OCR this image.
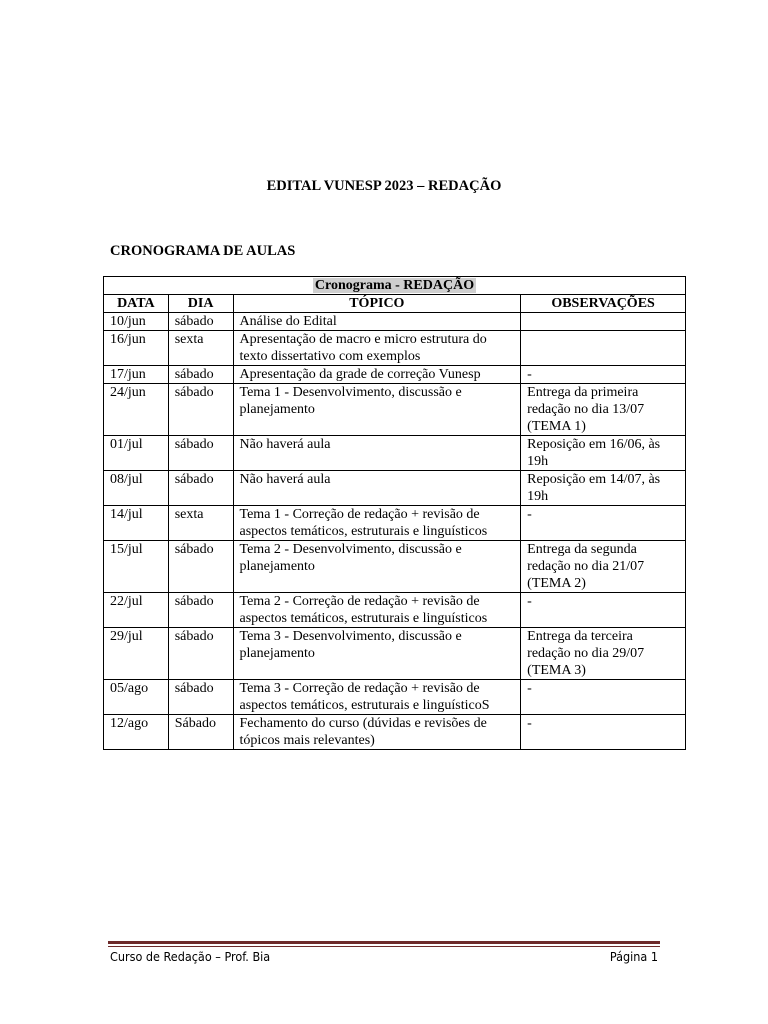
EDITAL VUNESP 2023 – REDAÇÃO
CRONOGRAMA DE AULAS
Cronograma - REDAÇÃO			
DATA	DIA	TÓPICO	OBSERVAÇÕES
10/jun	sábado	Análise do Edital	
16/jun	sexta	Apresentação de macro e micro estrutura do texto dissertativo com exemplos	
17/jun	sábado	Apresentação da grade de correção Vunesp	-
24/jun	sábado	Tema 1 - Desenvolvimento, discussão e planejamento	Entrega da primeira redação no dia 13/07 (TEMA 1)
01/jul	sábado	Não haverá aula	Reposição em 16/06, às 19h
08/jul	sábado	Não haverá aula	Reposição em 14/07, às 19h
14/jul	sexta	Tema 1 - Correção de redação + revisão de aspectos temáticos, estruturais e linguísticos	-
15/jul	sábado	Tema 2 - Desenvolvimento, discussão e planejamento	Entrega da segunda redação no dia 21/07 (TEMA 2)
22/jul	sábado	Tema 2 - Correção de redação + revisão de aspectos temáticos, estruturais e linguísticos	-
29/jul	sábado	Tema 3 - Desenvolvimento, discussão e planejamento	Entrega da terceira redação no dia 29/07 (TEMA 3)
05/ago	sábado	Tema 3 - Correção de redação + revisão de aspectos temáticos, estruturais e linguísticoS	-
12/ago	Sábado	Fechamento do curso (dúvidas e revisões de tópicos mais relevantes)	-
Curso de Redação – Prof. Bia	Página 1
